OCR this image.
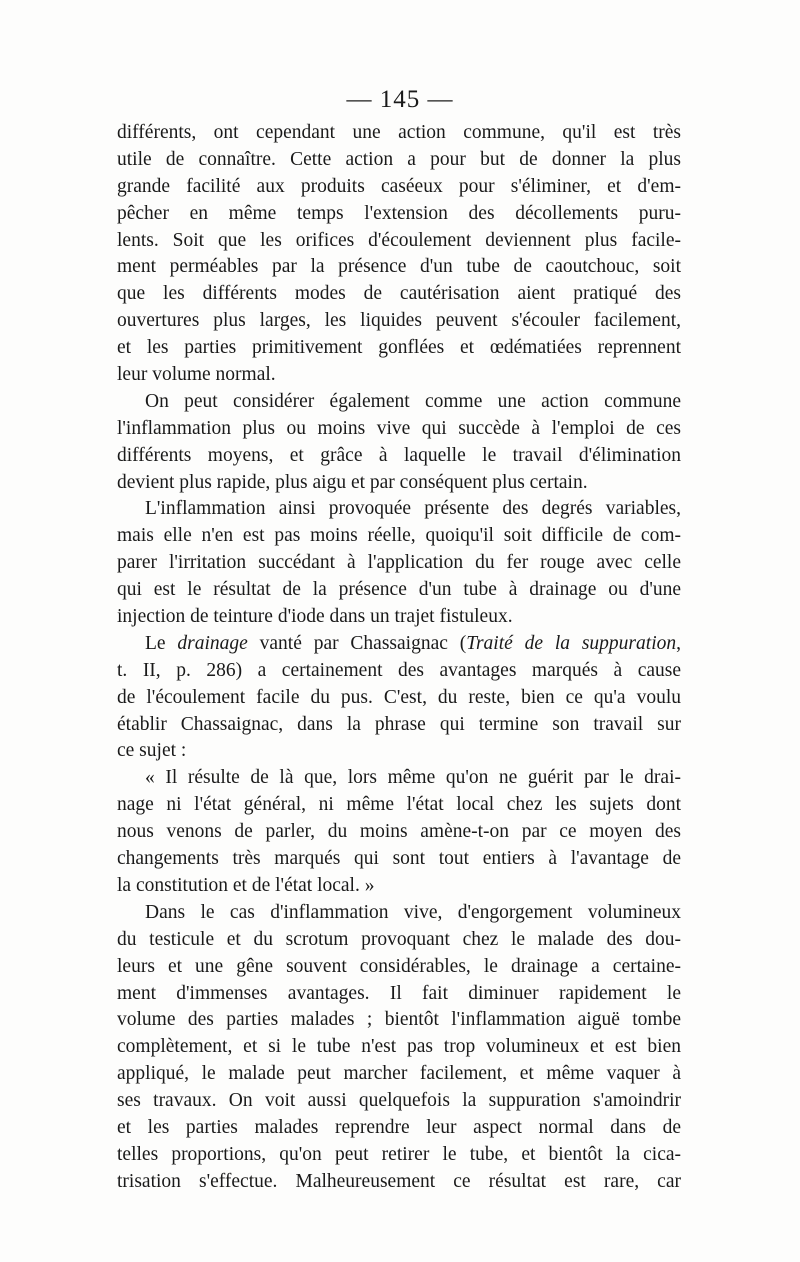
— 145 —
différents, ont cependant une action commune, qu'il est très
utile de connaître. Cette action a pour but de donner la plus
grande facilité aux produits caséeux pour s'éliminer, et d'em-
pêcher en même temps l'extension des décollements puru-
lents. Soit que les orifices d'écoulement deviennent plus facile-
ment perméables par la présence d'un tube de caoutchouc, soit
que les différents modes de cautérisation aient pratiqué des
ouvertures plus larges, les liquides peuvent s'écouler facilement,
et les parties primitivement gonflées et œdématiées reprennent
leur volume normal.
On peut considérer également comme une action commune
l'inflammation plus ou moins vive qui succède à l'emploi de ces
différents moyens, et grâce à laquelle le travail d'élimination
devient plus rapide, plus aigu et par conséquent plus certain.
L'inflammation ainsi provoquée présente des degrés variables,
mais elle n'en est pas moins réelle, quoiqu'il soit difficile de com-
parer l'irritation succédant à l'application du fer rouge avec celle
qui est le résultat de la présence d'un tube à drainage ou d'une
injection de teinture d'iode dans un trajet fistuleux.
Le drainage vanté par Chassaignac (Traité de la suppuration,
t. II, p. 286) a certainement des avantages marqués à cause
de l'écoulement facile du pus. C'est, du reste, bien ce qu'a voulu
établir Chassaignac, dans la phrase qui termine son travail sur
ce sujet :
« Il résulte de là que, lors même qu'on ne guérit par le drai-
nage ni l'état général, ni même l'état local chez les sujets dont
nous venons de parler, du moins amène-t-on par ce moyen des
changements très marqués qui sont tout entiers à l'avantage de
la constitution et de l'état local. »
Dans le cas d'inflammation vive, d'engorgement volumineux
du testicule et du scrotum provoquant chez le malade des dou-
leurs et une gêne souvent considérables, le drainage a certaine-
ment d'immenses avantages. Il fait diminuer rapidement le
volume des parties malades ; bientôt l'inflammation aiguë tombe
complètement, et si le tube n'est pas trop volumineux et est bien
appliqué, le malade peut marcher facilement, et même vaquer à
ses travaux. On voit aussi quelquefois la suppuration s'amoindrir
et les parties malades reprendre leur aspect normal dans de
telles proportions, qu'on peut retirer le tube, et bientôt la cica-
trisation s'effectue. Malheureusement ce résultat est rare, car
